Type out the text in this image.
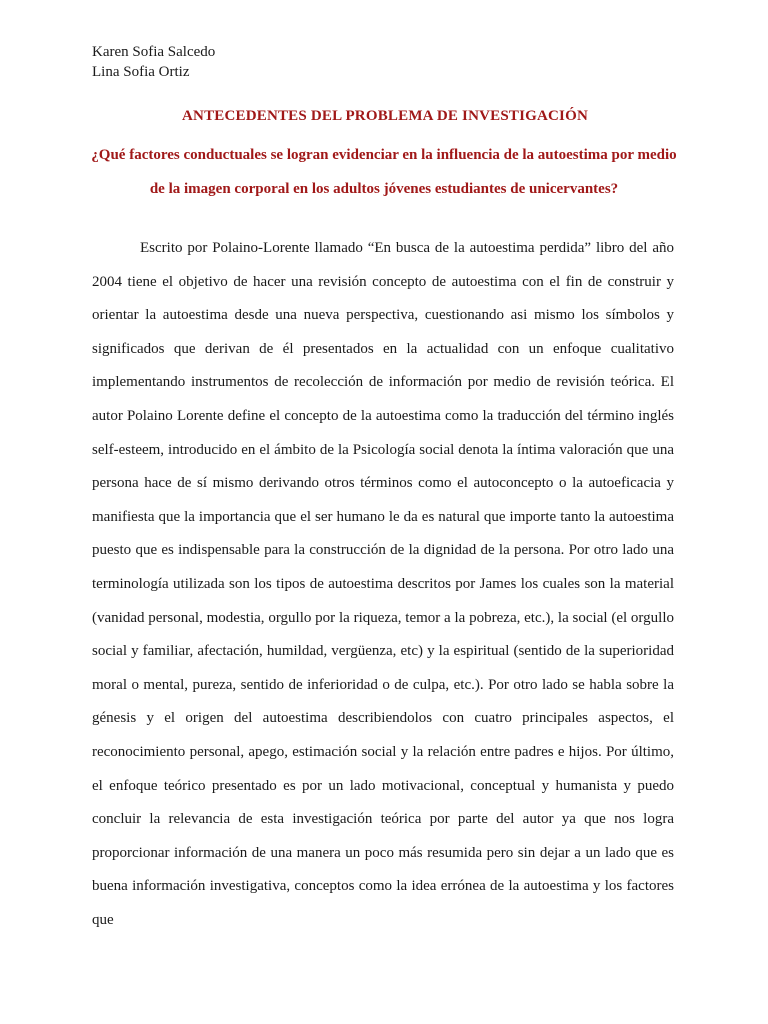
Karen Sofia Salcedo
Lina Sofia Ortiz
ANTECEDENTES DEL PROBLEMA DE INVESTIGACIÓN
¿Qué factores conductuales se logran evidenciar en la influencia de la autoestima por medio de la imagen corporal en los adultos jóvenes estudiantes de unicervantes?
Escrito por Polaino-Lorente llamado “En busca de la autoestima perdida” libro del año 2004 tiene el objetivo de hacer una revisión concepto de autoestima con el fin de construir y orientar la autoestima desde una nueva perspectiva, cuestionando asi mismo los símbolos y significados que derivan de él presentados en la actualidad con un enfoque cualitativo implementando instrumentos de recolección de información por medio de revisión teórica. El autor Polaino Lorente define el concepto de la autoestima como la traducción del término inglés self-esteem, introducido en el ámbito de la Psicología social denota la íntima valoración que una persona hace de sí mismo derivando otros términos como el autoconcepto o la autoeficacia y manifiesta que la importancia que el ser humano le da es natural que importe tanto la autoestima puesto que es indispensable para la construcción de la dignidad de la persona. Por otro lado una terminología utilizada son los tipos de autoestima descritos por James los cuales son la material (vanidad personal, modestia, orgullo por la riqueza, temor a la pobreza, etc.), la social (el orgullo social y familiar, afectación, humildad, vergüenza, etc) y la espiritual (sentido de la superioridad moral o mental, pureza, sentido de inferioridad o de culpa, etc.). Por otro lado se habla sobre la génesis y el origen del autoestima describiendolos con cuatro principales aspectos, el reconocimiento personal, apego, estimación social y la relación entre padres e hijos. Por último, el enfoque teórico presentado es por un lado motivacional, conceptual y humanista y puedo concluir la relevancia de esta investigación teórica por parte del autor ya que nos logra proporcionar información de una manera un poco más resumida pero sin dejar a un lado que es buena información investigativa, conceptos como la idea errónea de la autoestima y los factores que
